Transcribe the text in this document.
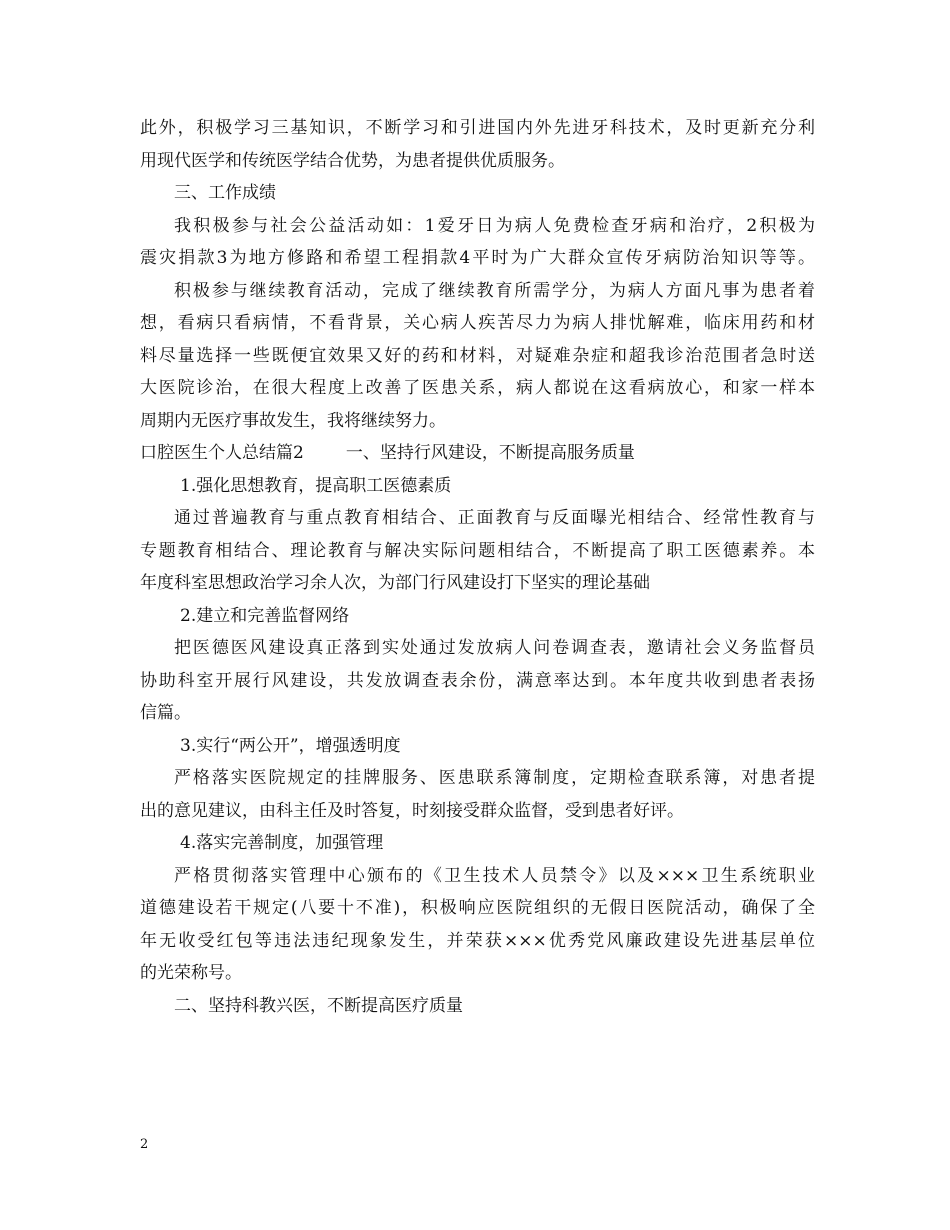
此外，积极学习三基知识，不断学习和引进国内外先进牙科技术，及时更新充分利
用现代医学和传统医学结合优势，为患者提供优质服务。
三、工作成绩
我积极参与社会公益活动如：1爱牙日为病人免费检查牙病和治疗，2积极为
震灾捐款3为地方修路和希望工程捐款4平时为广大群众宣传牙病防治知识等等。
积极参与继续教育活动，完成了继续教育所需学分，为病人方面凡事为患者着
想，看病只看病情，不看背景，关心病人疾苦尽力为病人排忧解难，临床用药和材
料尽量选择一些既便宜效果又好的药和材料，对疑难杂症和超我诊治范围者急时送
大医院诊治，在很大程度上改善了医患关系，病人都说在这看病放心，和家一样本
周期内无医疗事故发生，我将继续努力。
口腔医生个人总结篇2 一、坚持行风建设，不断提高服务质量
1.强化思想教育，提高职工医德素质
通过普遍教育与重点教育相结合、正面教育与反面曝光相结合、经常性教育与
专题教育相结合、理论教育与解决实际问题相结合，不断提高了职工医德素养。本
年度科室思想政治学习余人次，为部门行风建设打下坚实的理论基础
2.建立和完善监督网络
把医德医风建设真正落到实处通过发放病人问卷调查表，邀请社会义务监督员
协助科室开展行风建设，共发放调查表余份，满意率达到。本年度共收到患者表扬
信篇。
3.实行“两公开”，增强透明度
严格落实医院规定的挂牌服务、医患联系簿制度，定期检查联系簿，对患者提
出的意见建议，由科主任及时答复，时刻接受群众监督，受到患者好评。
4.落实完善制度，加强管理
严格贯彻落实管理中心颁布的《卫生技术人员禁令》以及×××卫生系统职业
道德建设若干规定(八要十不准)，积极响应医院组织的无假日医院活动，确保了全
年无收受红包等违法违纪现象发生，并荣获×××优秀党风廉政建设先进基层单位
的光荣称号。
二、坚持科教兴医，不断提高医疗质量
2
